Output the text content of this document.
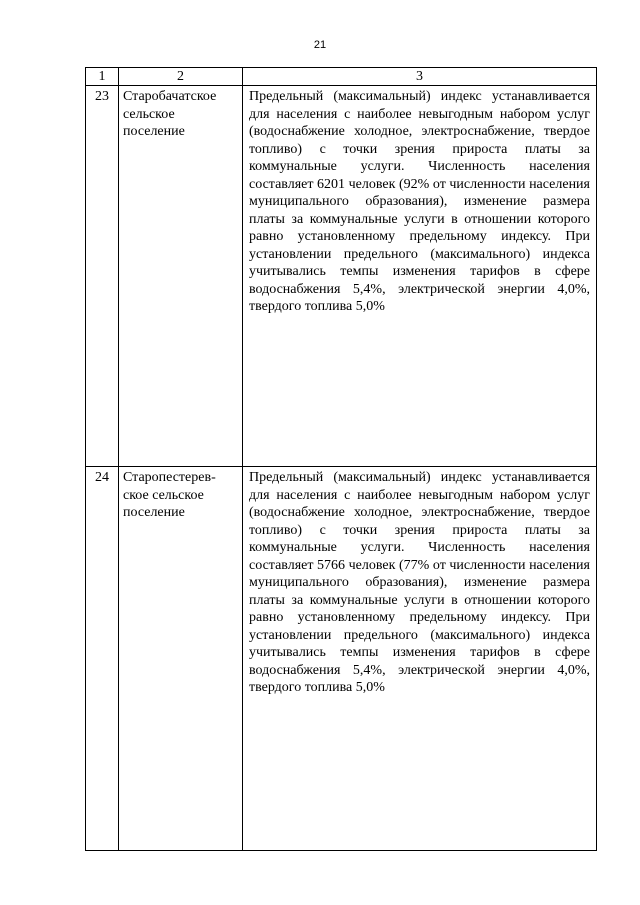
21
1	2	3
23	Старобачатское сельское поселение	Предельный (максимальный) индекс устанавливается для населения с наиболее невыгодным набором услуг (водоснабжение холодное, электроснабжение, твердое топливо) с точки зрения прироста платы за коммунальные услуги. Численность населения составляет 6201 человек (92% от численности населения муниципального образования), изменение размера платы за коммунальные услуги в отношении которого равно установленному предельному индексу. При установлении предельного (максимального) индекса учитывались темпы изменения тарифов в сфере водоснабжения 5,4%, электрической энергии 4,0%, твердого топлива 5,0%
24	Старопестерев-ское сельское поселение	Предельный (максимальный) индекс устанавливается для населения с наиболее невыгодным набором услуг (водоснабжение холодное, электроснабжение, твердое топливо) с точки зрения прироста платы за коммунальные услуги. Численность населения составляет 5766 человек (77% от численности населения муниципального образования), изменение размера платы за коммунальные услуги в отношении которого равно установленному предельному индексу. При установлении предельного (максимального) индекса учитывались темпы изменения тарифов в сфере водоснабжения 5,4%, электрической энергии 4,0%, твердого топлива 5,0%
